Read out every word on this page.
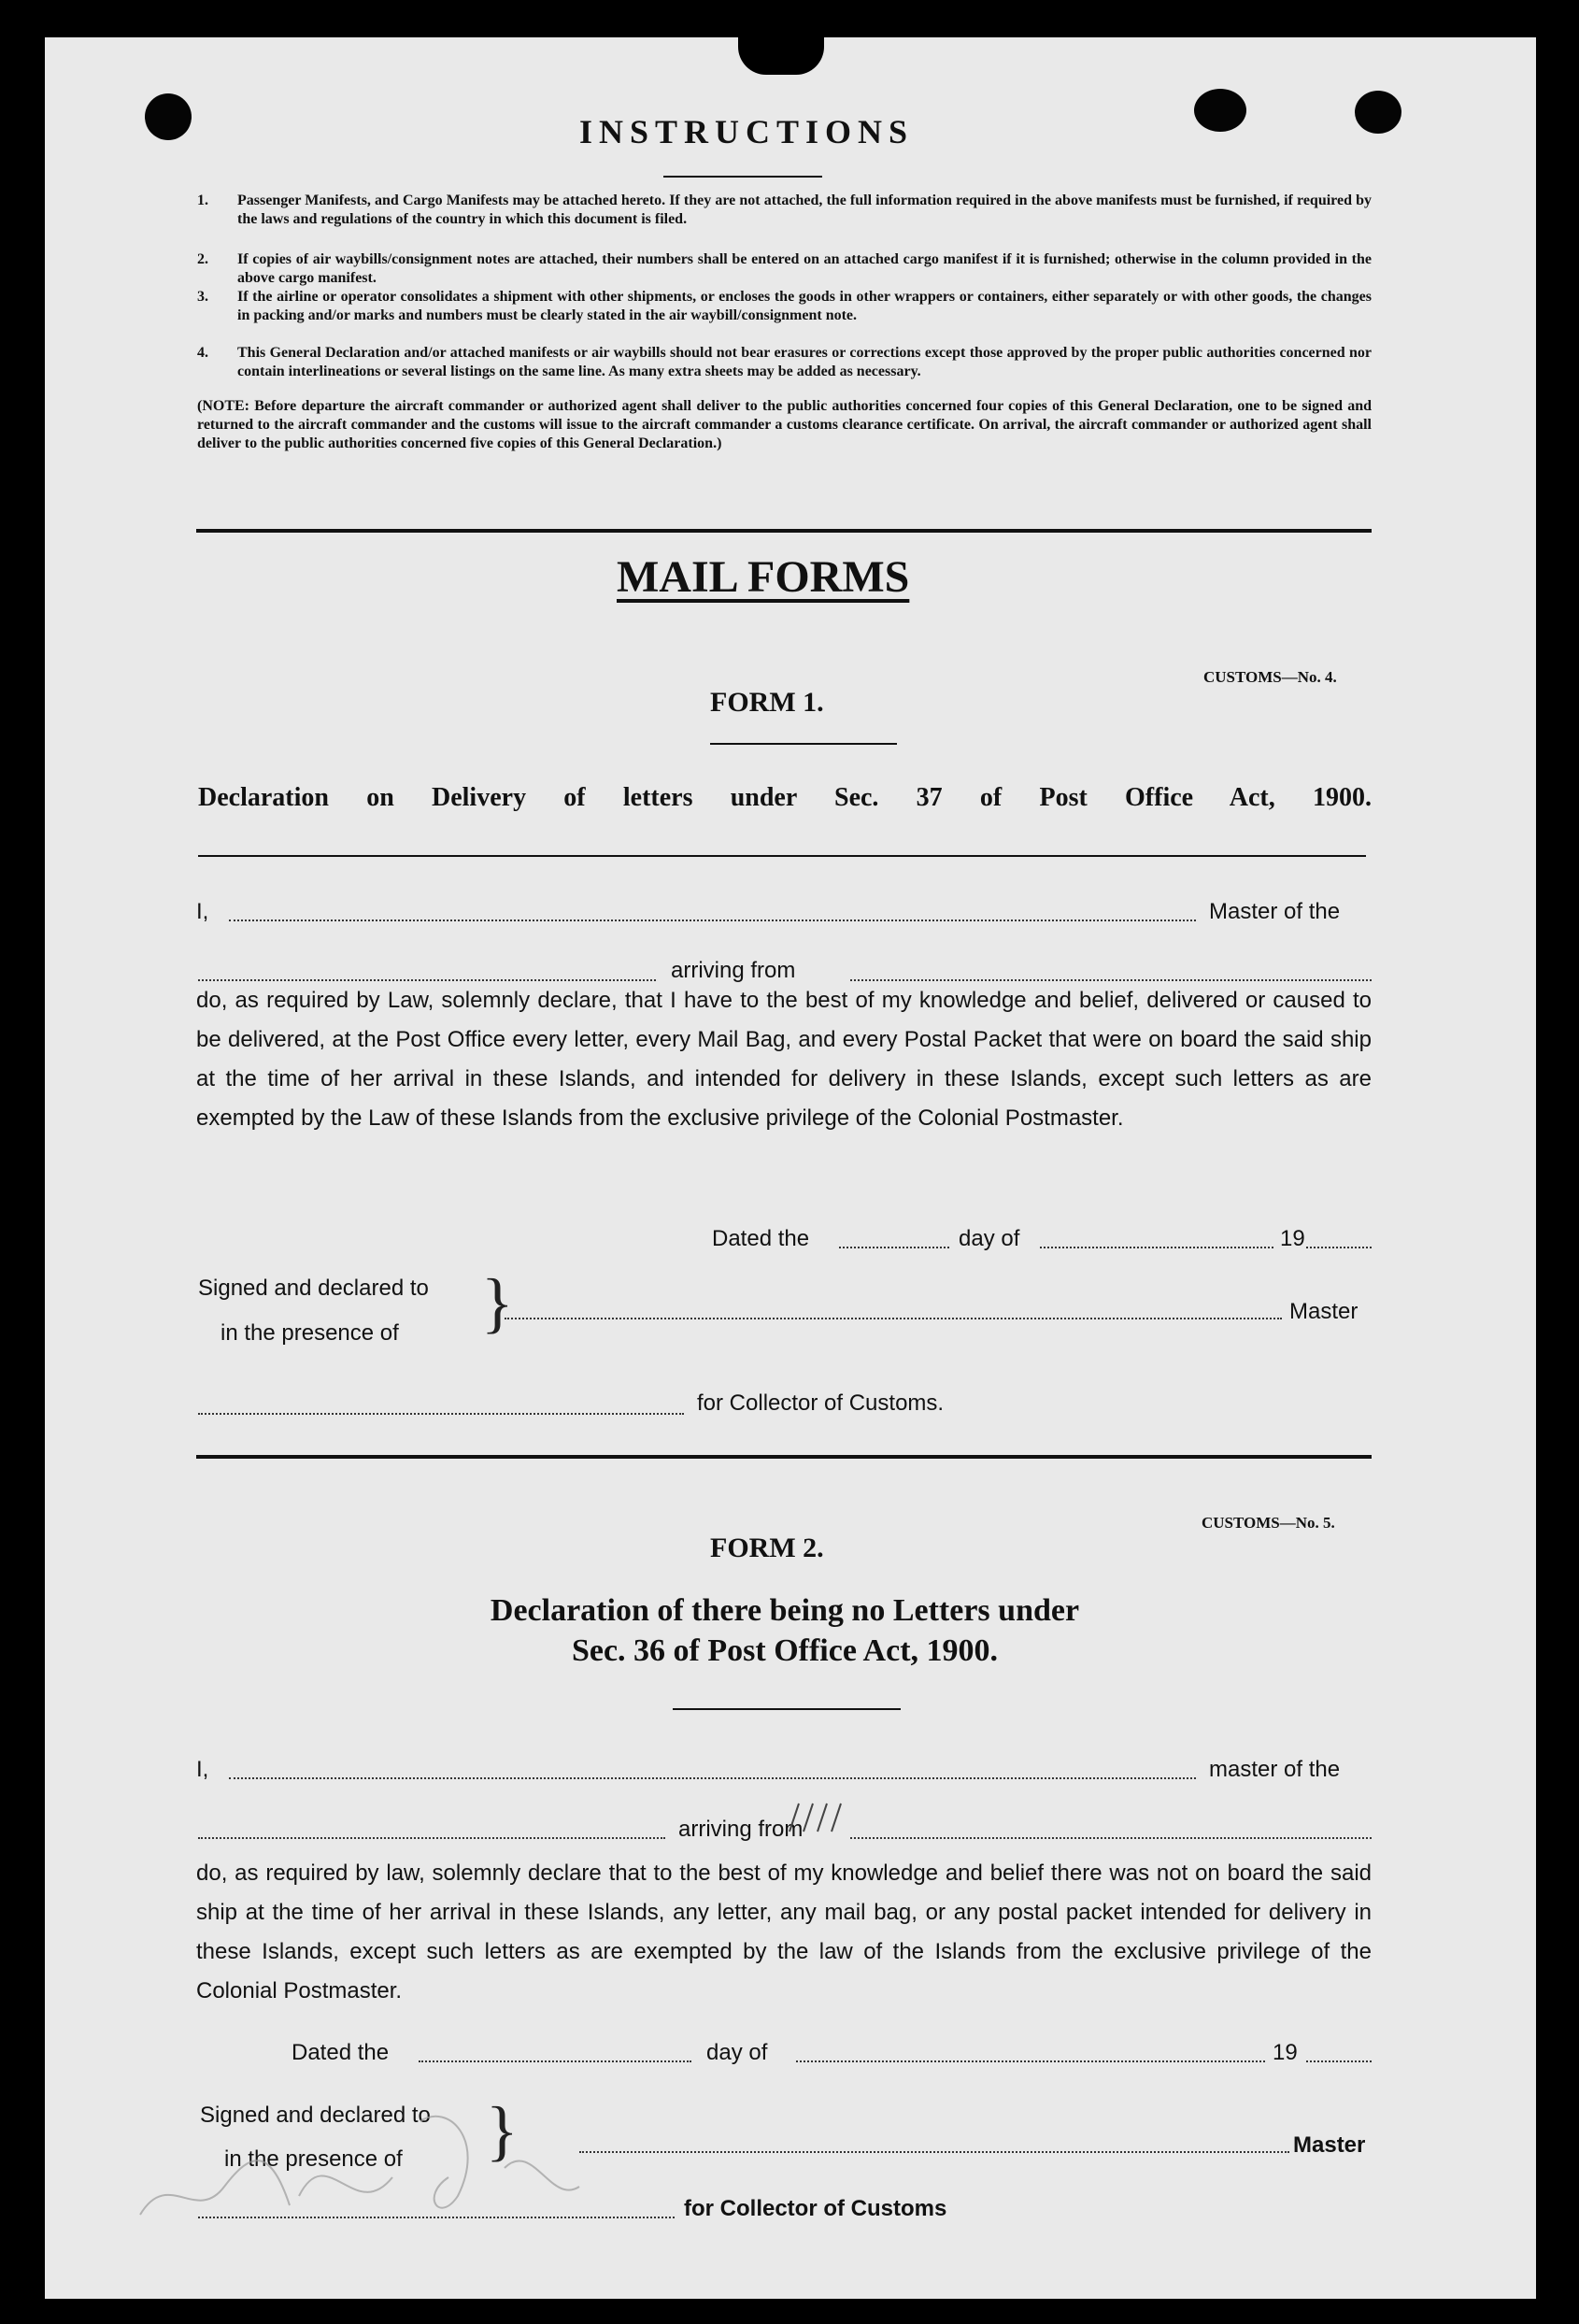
INSTRUCTIONS
1. Passenger Manifests, and Cargo Manifests may be attached hereto. If they are not attached, the full information required in the above manifests must be furnished, if required by the laws and regulations of the country in which this document is filed.
2. If copies of air waybills/consignment notes are attached, their numbers shall be entered on an attached cargo manifest if it is furnished; otherwise in the column provided in the above cargo manifest.
3. If the airline or operator consolidates a shipment with other shipments, or encloses the goods in other wrappers or containers, either separately or with other goods, the changes in packing and/or marks and numbers must be clearly stated in the air waybill/consignment note.
4. This General Declaration and/or attached manifests or air waybills should not bear erasures or corrections except those approved by the proper public authorities concerned nor contain interlineations or several listings on the same line. As many extra sheets may be added as necessary.
(NOTE: Before departure the aircraft commander or authorized agent shall deliver to the public authorities concerned four copies of this General Declaration, one to be signed and returned to the aircraft commander and the customs will issue to the aircraft commander a customs clearance certificate. On arrival, the aircraft commander or authorized agent shall deliver to the public authorities concerned five copies of this General Declaration.)
MAIL FORMS
CUSTOMS—No. 4.
FORM 1.
Declaration on Delivery of letters under Sec. 37 of Post Office Act, 1900.
I,	Master of the
arriving from
do, as required by Law, solemnly declare, that I have to the best of my knowledge and belief, delivered or caused to be delivered, at the Post Office every letter, every Mail Bag, and every Postal Packet that were on board the said ship at the time of her arrival in these Islands, and intended for delivery in these Islands, except such letters as are exempted by the Law of these Islands from the exclusive privilege of the Colonial Postmaster.
Dated the	day of	19
Signed and declared to
in the presence of }	Master
for Collector of Customs.
CUSTOMS—No. 5.
FORM 2.
Declaration of there being no Letters under
Sec. 36 of Post Office Act, 1900.
I,	master of the
arriving from
do, as required by law, solemnly declare that to the best of my knowledge and belief there was not on board the said ship at the time of her arrival in these Islands, any letter, any mail bag, or any postal packet intended for delivery in these Islands, except such letters as are exempted by the law of the Islands from the exclusive privilege of the Colonial Postmaster.
Dated the	day of	19
Signed and declared to
in the presence of }	Master
for Collector of Customs
